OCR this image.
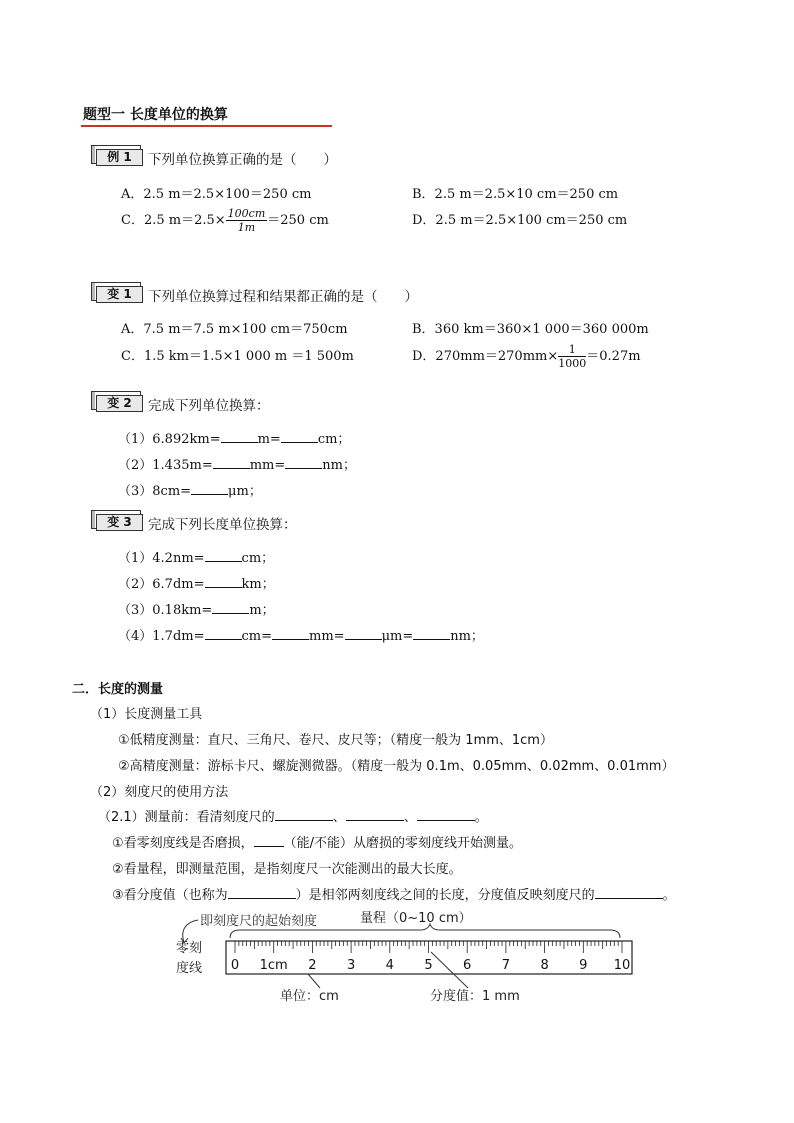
题型一 长度单位的换算
例 1	下列单位换算正确的是（　　）
A．2.5 m＝2.5×100＝250 cm	B．2.5 m＝2.5×10 cm＝250 cm
C．2.5 $m=2.5\times \frac{100cm}{1m} =250$ cm	D．2.5 m＝2.5×100 cm＝250 cm
变 1	下列单位换算过程和结果都正确的是（　　）
A．7.5 m＝7.5 m×100 cm＝750cm	B．360 km＝360×1 000＝360 000m
C．1.5 km＝1.5×1 000 m ＝1 500m	D．$270mm=270mm\times \frac{1}{1000} =0.27m$
变 2	完成下列单位换算：
（1）6.892km=	m=	cm；
（2）1.435m=	mm=	nm；
（3）8cm=	μm；
变 3	完成下列长度单位换算：
（1）4.2nm=	cm；
（2）6.7dm=	km；
（3）0.18km=	m；
（4）1.7dm=	cm=	mm=	μm=	nm；
二．长度的测量
（1）长度测量工具
①低精度测量：直尺、三角尺、卷尺、皮尺等；（精度一般为 1mm、1cm）
②高精度测量：游标卡尺、螺旋测微器。（精度一般为 0.1m、0.05mm、0.02mm、0.01mm）
（2）刻度尺的使用方法
（2.1）测量前：看清刻度尺的	、	、	。
①看零刻度线是否磨损， （能/不能）从磨损的零刻度线开始测量。
②看量程，即测量范围，是指刻度尺一次能测出的最大长度。
③看分度值（也称为	）是相邻两刻度线之间的长度，分度值反映刻度尺的	。
即刻度尺的起始刻度	量程（0~10 cm）
零刻
度线 0 1cm 2 3 4 5 6 7 8 9 10
单位：cm	分度值：1 mm
